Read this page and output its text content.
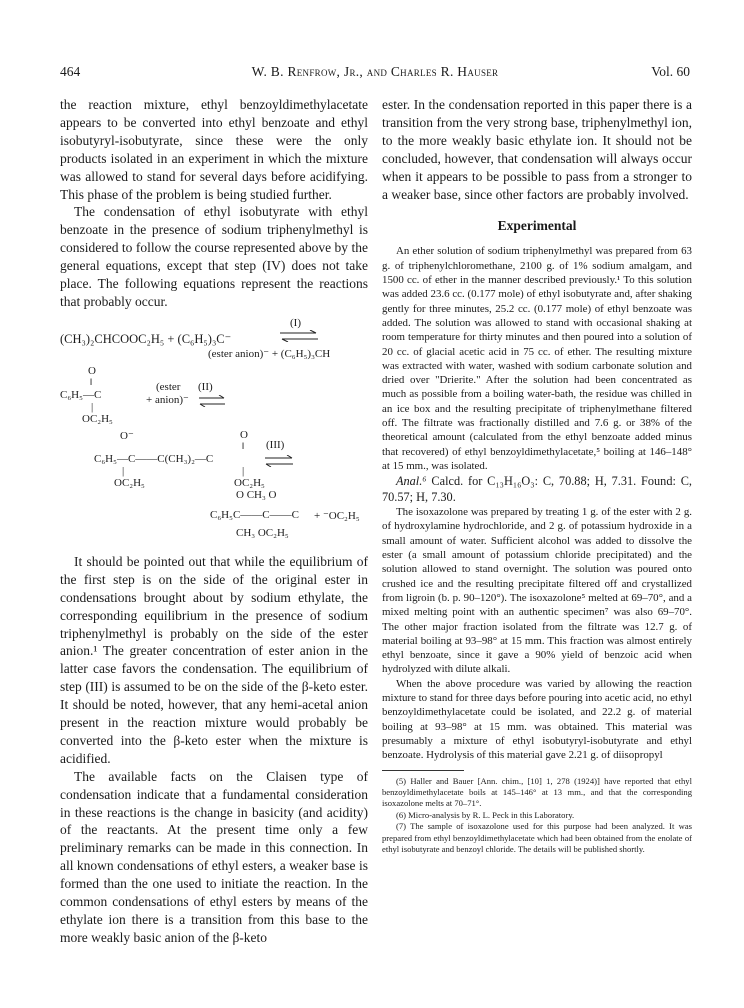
464	W. B. Renfrow, Jr., and Charles R. Hauser	Vol. 60

the reaction mixture, ethyl benzoyldimethylacetate appears to be converted into ethyl benzoate and ethyl isobutyryl-isobutyrate, since these were the only products isolated in an experiment in which the mixture was allowed to stand for several days before acidifying. This phase of the problem is being studied further.

The condensation of ethyl isobutyrate with ethyl benzoate in the presence of sodium triphenylmethyl is considered to follow the course represented above by the general equations, except that step (IV) does not take place. The following equations represent the reactions that probably occur.

(CH₃)₂CHCOOC₂H₅ + (C₆H₅)₃C⁻
(I)
(ester anion)⁻ + (C₆H₅)₃CH
O
‖
C₆H₅—C
(ester
+ anion)⁻
(II)
|
OC₂H₅
O⁻	O
‖ (III)
C₆H₅—C——C(CH₃)₂—C
|	|
OC₂H₅	OC₂H₅
O CH₃ O
C₆H₅C——C——C + ⁻OC₂H₅
CH₃ OC₂H₅

It should be pointed out that while the equilibrium of the first step is on the side of the original ester in condensations brought about by sodium ethylate, the corresponding equilibrium in the presence of sodium triphenylmethyl is probably on the side of the ester anion.¹ The greater concentration of ester anion in the latter case favors the condensation. The equilibrium of step (III) is assumed to be on the side of the β-keto ester. It should be noted, however, that any hemi-acetal anion present in the reaction mixture would probably be converted into the β-keto ester when the mixture is acidified.

The available facts on the Claisen type of condensation indicate that a fundamental consideration in these reactions is the change in basicity (and acidity) of the reactants. At the present time only a few preliminary remarks can be made in this connection. In all known condensations of ethyl esters, a weaker base is formed than the one used to initiate the reaction. In the common condensations of ethyl esters by means of the ethylate ion there is a transition from this base to the more weakly basic anion of the β-keto

ester. In the condensation reported in this paper there is a transition from the very strong base, triphenylmethyl ion, to the more weakly basic ethylate ion. It should not be concluded, however, that condensation will always occur when it appears to be possible to pass from a stronger to a weaker base, since other factors are probably involved.

Experimental

An ether solution of sodium triphenylmethyl was prepared from 63 g. of triphenylchloromethane, 2100 g. of 1% sodium amalgam, and 1500 cc. of ether in the manner described previously.¹ To this solution was added 23.6 cc. (0.177 mole) of ethyl isobutyrate and, after shaking gently for three minutes, 25.2 cc. (0.177 mole) of ethyl benzoate was added. The solution was allowed to stand with occasional shaking at room temperature for thirty minutes and then poured into a solution of 20 cc. of glacial acetic acid in 75 cc. of ether. The resulting mixture was extracted with water, washed with sodium carbonate solution and dried over "Drierite." After the solution had been concentrated as much as possible from a boiling water-bath, the residue was chilled in an ice box and the resulting precipitate of triphenylmethane filtered off. The filtrate was fractionally distilled and 7.6 g. or 38% of the theoretical amount (calculated from the ethyl benzoate added minus that recovered) of ethyl benzoyldimethylacetate,⁵ boiling at 146–148° at 15 mm., was isolated.

Anal.⁶ Calcd. for C₁₃H₁₆O₃: C, 70.88; H, 7.31. Found: C, 70.57; H, 7.30.

The isoxazolone was prepared by treating 1 g. of the ester with 2 g. of hydroxylamine hydrochloride, and 2 g. of potassium hydroxide in a small amount of water. Sufficient alcohol was added to dissolve the ester (a small amount of potassium chloride precipitated) and the solution allowed to stand overnight. The solution was poured onto crushed ice and the resulting precipitate filtered off and crystallized from ligroin (b. p. 90–120°). The isoxazolone⁵ melted at 69–70°, and a mixed melting point with an authentic specimen⁷ was also 69–70°. The other major fraction isolated from the filtrate was 12.7 g. of material boiling at 93–98° at 15 mm. This fraction was almost entirely ethyl benzoate, since it gave a 90% yield of benzoic acid when hydrolyzed with dilute alkali.

When the above procedure was varied by allowing the reaction mixture to stand for three days before pouring into acetic acid, no ethyl benzoyldimethylacetate could be isolated, and 22.2 g. of material boiling at 93–98° at 15 mm. was obtained. This material was presumably a mixture of ethyl isobutyryl-isobutyrate and ethyl benzoate. Hydrolysis of this material gave 2.21 g. of diisopropyl

(5) Haller and Bauer [Ann. chim., [10] 1, 278 (1924)] have reported that ethyl benzoyldimethylacetate boils at 145–146° at 13 mm., and that the corresponding isoxazolone melts at 70–71°.

(6) Micro-analysis by R. L. Peck in this Laboratory.

(7) The sample of isoxazolone used for this purpose had been analyzed. It was prepared from ethyl benzoyldimethylacetate which had been obtained from the enolate of ethyl isobutyrate and benzoyl chloride. The details will be published shortly.
